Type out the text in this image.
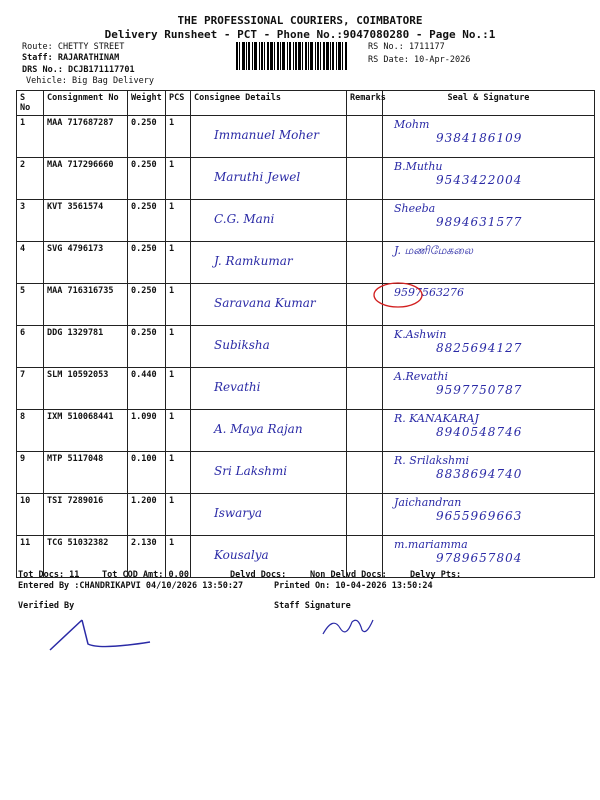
THE PROFESSIONAL COURIERS, COIMBATORE
Delivery Runsheet - PCT - Phone No.:9047080280 - Page No.:1
Route: CHETTY STREET
Staff: RAJARATHINAM
DRS No.: DCJB171117701
Vehicle: Big Bag Delivery
RS No.: 1711177
RS Date: 10-Apr-2026
S No	Consignment No	Weight	PCS	Consignee Details	Remarks	Seal & Signature
1	MAA 717687287	0.250	1	Immanuel Moher		Mohm
9384186109

2	MAA 717296660	0.250	1	Maruthi Jewel		B.Muthu
9543422004

3	KVT 3561574	0.250	1	C.G. Mani		Sheeba
9894631577

4	SVG 4796173	0.250	1	J. Ramkumar		J. மணிமேகலை

5	MAA 716316735	0.250	1	Saravana Kumar		9597563276

6	DDG 1329781	0.250	1	Subiksha		K.Ashwin
8825694127

7	SLM 10592053	0.440	1	Revathi		A.Revathi
9597750787

8	IXM 510068441	1.090	1	A. Maya Rajan		R. KANAKARAJ
8940548746

9	MTP 5117048	0.100	1	Sri Lakshmi		R. Srilakshmi
8838694740

10	TSI 7289016	1.200	1	Iswarya		Jaichandran
9655969663

11	TCG 51032382	2.130	1	Kousalya		m.mariamma
9789657804
Tot Docs: 11	Tot COD Amt: 0.00	Delvd Docs:	Non Delvd Docs:	Delvy Pts:
Entered By :CHANDRIKAPVI 04/10/2026 13:50:27	Printed On: 10-04-2026 13:50:24
Verified By	Staff Signature
